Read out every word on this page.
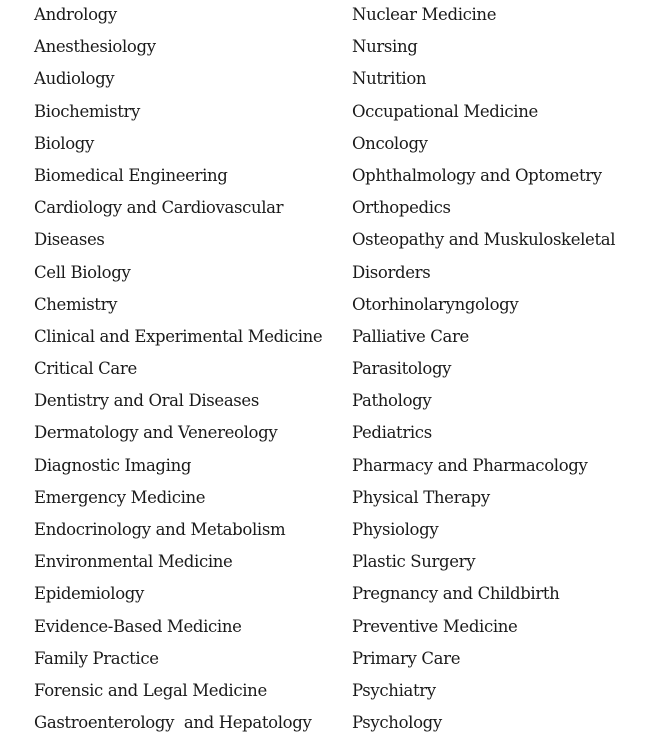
Andrology
Anesthesiology
Audiology
Biochemistry
Biology
Biomedical Engineering
Cardiology and Cardiovascular
Diseases
Cell Biology
Chemistry
Clinical and Experimental Medicine
Critical Care
Dentistry and Oral Diseases
Dermatology and Venereology
Diagnostic Imaging
Emergency Medicine
Endocrinology and Metabolism
Environmental Medicine
Epidemiology
Evidence-Based Medicine
Family Practice
Forensic and Legal Medicine
Gastroenterology  and Hepatology
Nuclear Medicine
Nursing
Nutrition
Occupational Medicine
Oncology
Ophthalmology and Optometry
Orthopedics
Osteopathy and Muskuloskeletal
Disorders
Otorhinolaryngology
Palliative Care
Parasitology
Pathology
Pediatrics
Pharmacy and Pharmacology
Physical Therapy
Physiology
Plastic Surgery
Pregnancy and Childbirth
Preventive Medicine
Primary Care
Psychiatry
Psychology
